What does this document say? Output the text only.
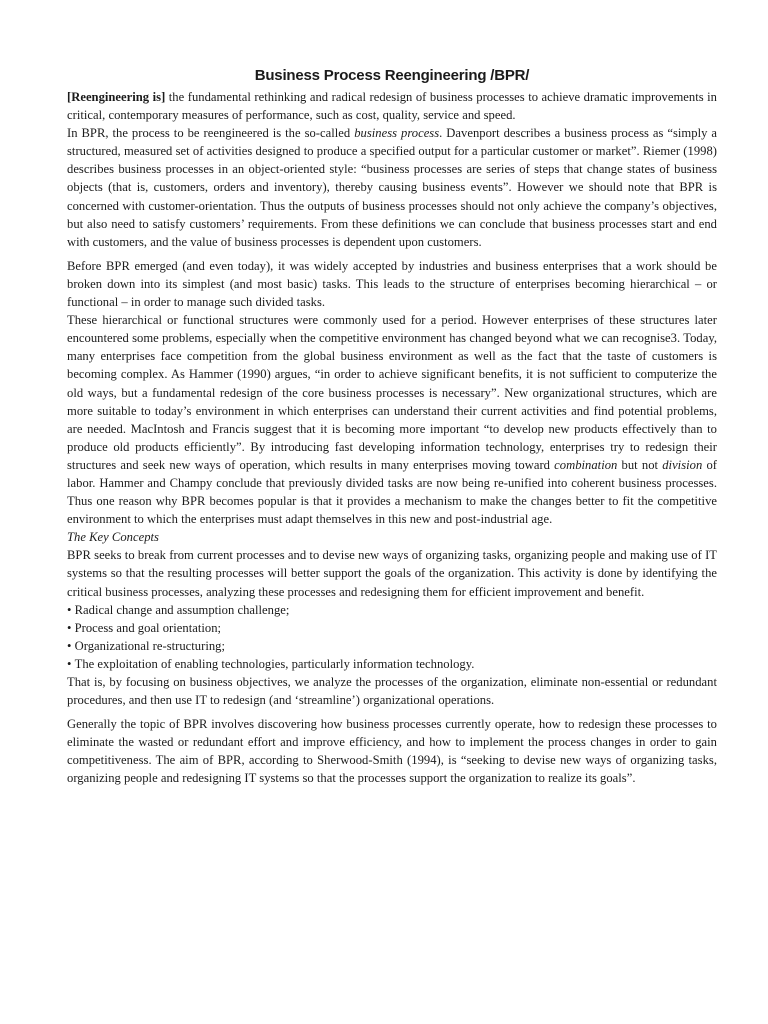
Business Process Reengineering /BPR/

[Reengineering is] the fundamental rethinking and radical redesign of business processes to achieve dramatic improvements in critical, contemporary measures of performance, such as cost, quality, service and speed.

In BPR, the process to be reengineered is the so-called business process. Davenport describes a business process as “simply a structured, measured set of activities designed to produce a specified output for a particular customer or market”. Riemer (1998) describes business processes in an object-oriented style: “business processes are series of steps that change states of business objects (that is, customers, orders and inventory), thereby causing business events”. However we should note that BPR is concerned with customer-orientation. Thus the outputs of business processes should not only achieve the company’s objectives, but also need to satisfy customers’ requirements. From these definitions we can conclude that business processes start and end with customers, and the value of business processes is dependent upon customers.

Before BPR emerged (and even today), it was widely accepted by industries and business enterprises that a work should be broken down into its simplest (and most basic) tasks. This leads to the structure of enterprises becoming hierarchical – or functional – in order to manage such divided tasks.

These hierarchical or functional structures were commonly used for a period. However enterprises of these structures later encountered some problems, especially when the competitive environment has changed beyond what we can recognise3. Today, many enterprises face competition from the global business environment as well as the fact that the taste of customers is becoming complex. As Hammer (1990) argues, “in order to achieve significant benefits, it is not sufficient to computerize the old ways, but a fundamental redesign of the core business processes is necessary”. New organizational structures, which are more suitable to today’s environment in which enterprises can understand their current activities and find potential problems, are needed. MacIntosh and Francis suggest that it is becoming more important “to develop new products effectively than to produce old products efficiently”. By introducing fast developing information technology, enterprises try to redesign their structures and seek new ways of operation, which results in many enterprises moving toward combination but not division of labor. Hammer and Champy conclude that previously divided tasks are now being re-unified into coherent business processes. Thus one reason why BPR becomes popular is that it provides a mechanism to make the changes better to fit the competitive environment to which the enterprises must adapt themselves in this new and post-industrial age.

The Key Concepts

BPR seeks to break from current processes and to devise new ways of organizing tasks, organizing people and making use of IT systems so that the resulting processes will better support the goals of the organization. This activity is done by identifying the critical business processes, analyzing these processes and redesigning them for efficient improvement and benefit.

• Radical change and assumption challenge;
• Process and goal orientation;
• Organizational re-structuring;
• The exploitation of enabling technologies, particularly information technology.

That is, by focusing on business objectives, we analyze the processes of the organization, eliminate non-essential or redundant procedures, and then use IT to redesign (and ‘streamline’) organizational operations.

Generally the topic of BPR involves discovering how business processes currently operate, how to redesign these processes to eliminate the wasted or redundant effort and improve efficiency, and how to implement the process changes in order to gain competitiveness. The aim of BPR, according to Sherwood-Smith (1994), is “seeking to devise new ways of organizing tasks, organizing people and redesigning IT systems so that the processes support the organization to realize its goals”.
